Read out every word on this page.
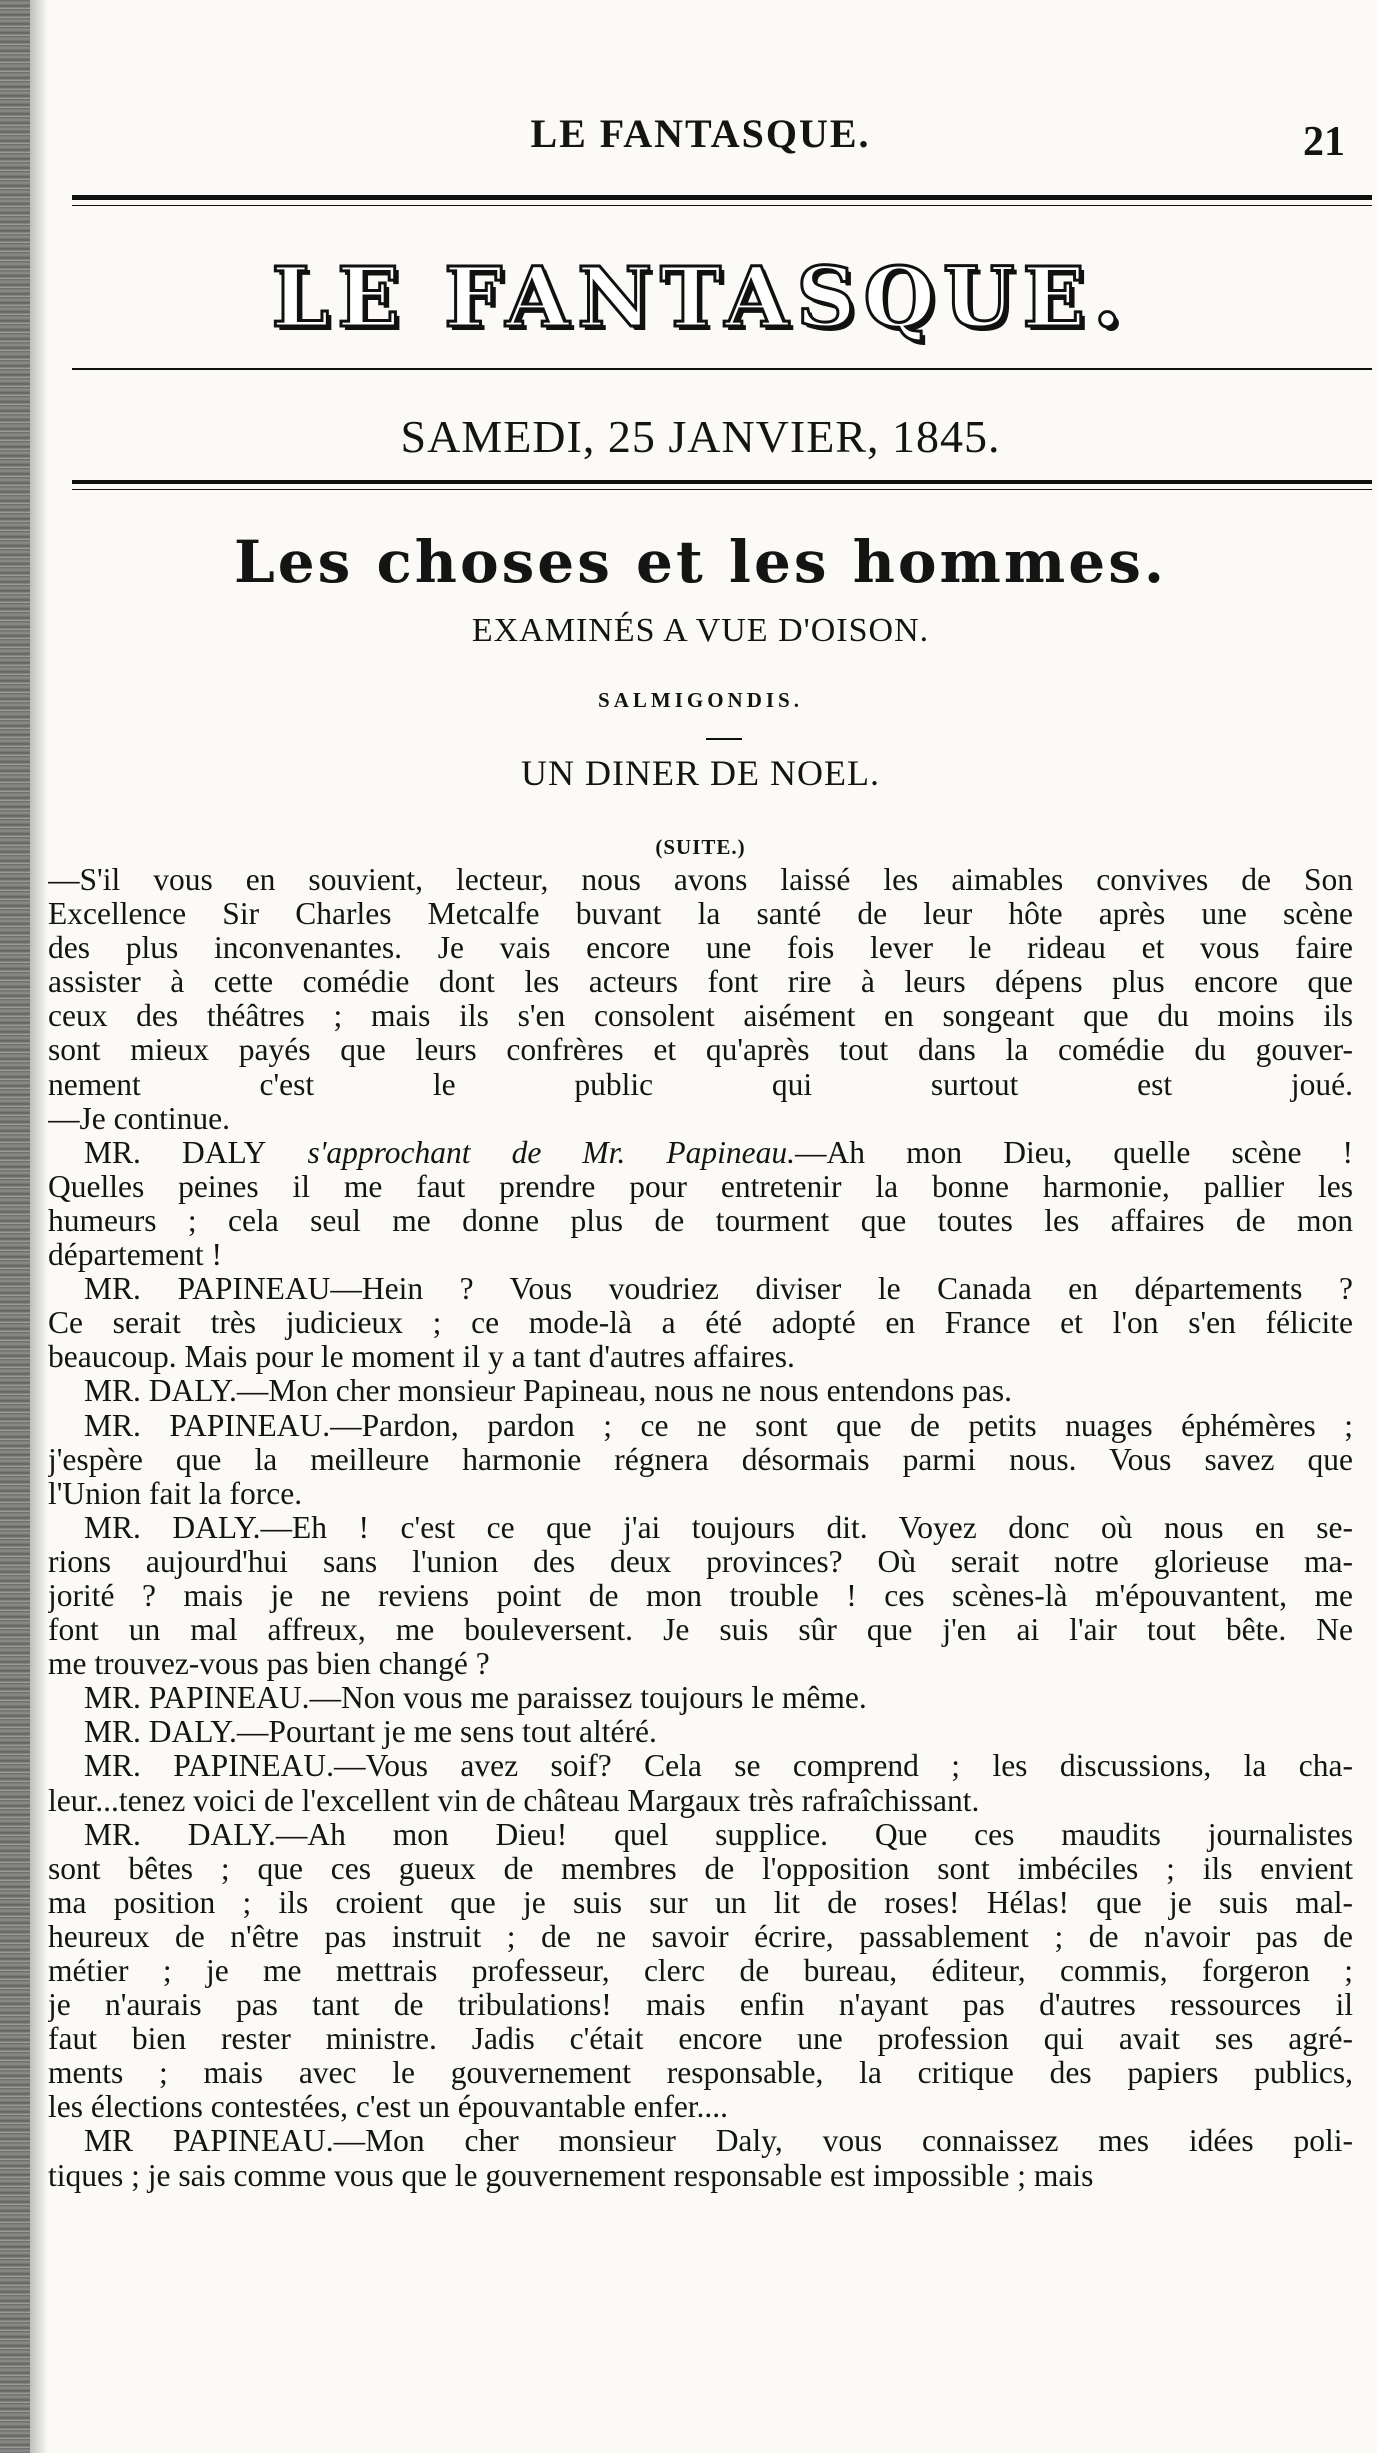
LE FANTASQUE.	21
LE FANTASQUE.
SAMEDI, 25 JANVIER, 1845.
Les choses et les hommes.
EXAMINÉS A VUE D'OISON.
SALMIGONDIS.
UN DINER DE NOEL.
(SUITE.)
—S'il vous en souvient, lecteur, nous avons laissé les aimables convives de Son
Excellence Sir Charles Metcalfe buvant la santé de leur hôte après une scène
des plus inconvenantes. Je vais encore une fois lever le rideau et vous faire
assister à cette comédie dont les acteurs font rire à leurs dépens plus encore que
ceux des théâtres ; mais ils s'en consolent aisément en songeant que du moins ils
sont mieux payés que leurs confrères et qu'après tout dans la comédie du gouver-
nement c'est le public qui surtout est joué.
—Je continue.
MR. DALY s'approchant de Mr. Papineau.—Ah mon Dieu, quelle scène !
Quelles peines il me faut prendre pour entretenir la bonne harmonie, pallier les
humeurs ; cela seul me donne plus de tourment que toutes les affaires de mon
département !
MR. PAPINEAU—Hein ? Vous voudriez diviser le Canada en départements ?
Ce serait très judicieux ; ce mode-là a été adopté en France et l'on s'en félicite
beaucoup. Mais pour le moment il y a tant d'autres affaires.
MR. DALY.—Mon cher monsieur Papineau, nous ne nous entendons pas.
MR. PAPINEAU.—Pardon, pardon ; ce ne sont que de petits nuages éphémères ;
j'espère que la meilleure harmonie régnera désormais parmi nous. Vous savez que
l'Union fait la force.
MR. DALY.—Eh ! c'est ce que j'ai toujours dit. Voyez donc où nous en se-
rions aujourd'hui sans l'union des deux provinces? Où serait notre glorieuse ma-
jorité ? mais je ne reviens point de mon trouble ! ces scènes-là m'épouvantent, me
font un mal affreux, me bouleversent. Je suis sûr que j'en ai l'air tout bête. Ne
me trouvez-vous pas bien changé ?
MR. PAPINEAU.—Non vous me paraissez toujours le même.
MR. DALY.—Pourtant je me sens tout altéré.
MR. PAPINEAU.—Vous avez soif? Cela se comprend ; les discussions, la cha-
leur...tenez voici de l'excellent vin de château Margaux très rafraîchissant.
MR. DALY.—Ah mon Dieu! quel supplice. Que ces maudits journalistes
sont bêtes ; que ces gueux de membres de l'opposition sont imbéciles ; ils envient
ma position ; ils croient que je suis sur un lit de roses! Hélas! que je suis mal-
heureux de n'être pas instruit ; de ne savoir écrire, passablement ; de n'avoir pas de
métier ; je me mettrais professeur, clerc de bureau, éditeur, commis, forgeron ;
je n'aurais pas tant de tribulations! mais enfin n'ayant pas d'autres ressources il
faut bien rester ministre. Jadis c'était encore une profession qui avait ses agré-
ments ; mais avec le gouvernement responsable, la critique des papiers publics,
les élections contestées, c'est un épouvantable enfer....
MR PAPINEAU.—Mon cher monsieur Daly, vous connaissez mes idées poli-
tiques ; je sais comme vous que le gouvernement responsable est impossible ; mais
